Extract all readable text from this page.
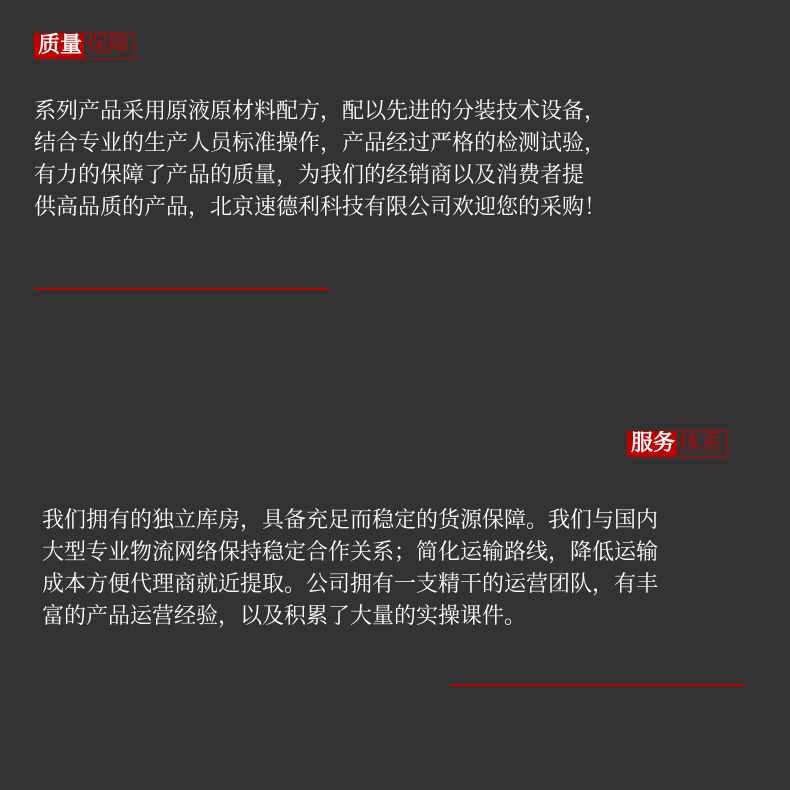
质量 保障
系列产品采用原液原材料配方，配以先进的分装技术设备，
结合专业的生产人员标准操作，产品经过严格的检测试验，
有力的保障了产品的质量，为我们的经销商以及消费者提
供高品质的产品，北京速德利科技有限公司欢迎您的采购！
服务 体系
我们拥有的独立库房，具备充足而稳定的货源保障。我们与国内
大型专业物流网络保持稳定合作关系；简化运输路线，降低运输
成本方便代理商就近提取。公司拥有一支精干的运营团队，有丰
富的产品运营经验，以及积累了大量的实操课件。
